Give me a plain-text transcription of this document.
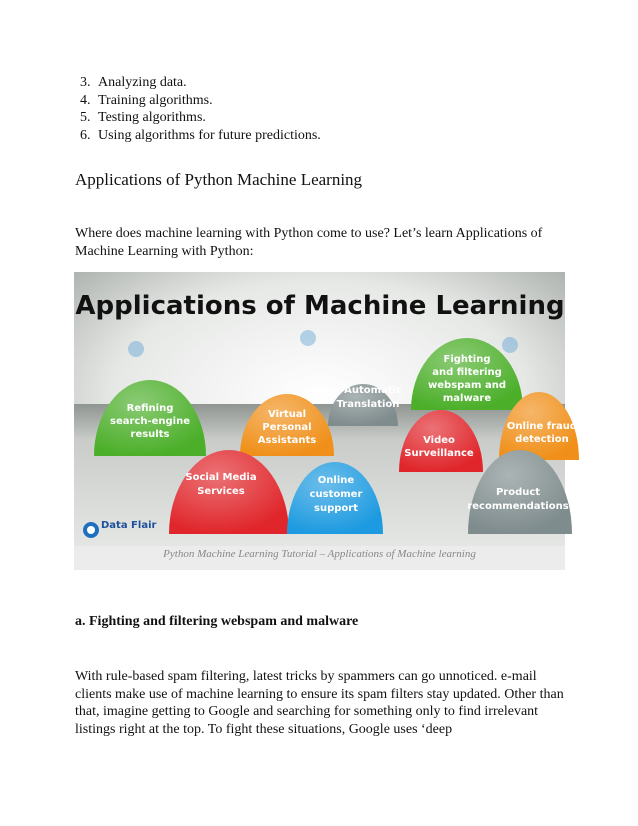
3. Analyzing data.
4. Training algorithms.
5. Testing algorithms.
6. Using algorithms for future predictions.
Applications of Python Machine Learning

Where does machine learning with Python come to use? Let’s learn Applications of Machine Learning with Python:

Applications of Machine Learning
Automatic
Translation
Fighting
and filtering
webspam and
malware
Refining
search-engine
results
Virtual
Personal
Assistants	Video
Surveillance
Online fraud
detection
Social Media
Services
Online
customer
support
Product
recommendations
Data Flair
Python Machine Learning Tutorial – Applications of Machine learning
a. Fighting and filtering webspam and malware

With rule-based spam filtering, latest tricks by spammers can go unnoticed. e-mail clients make use of machine learning to ensure its spam filters stay updated. Other than that, imagine getting to Google and searching for something only to find irrelevant listings right at the top. To fight these situations, Google uses ‘deep
